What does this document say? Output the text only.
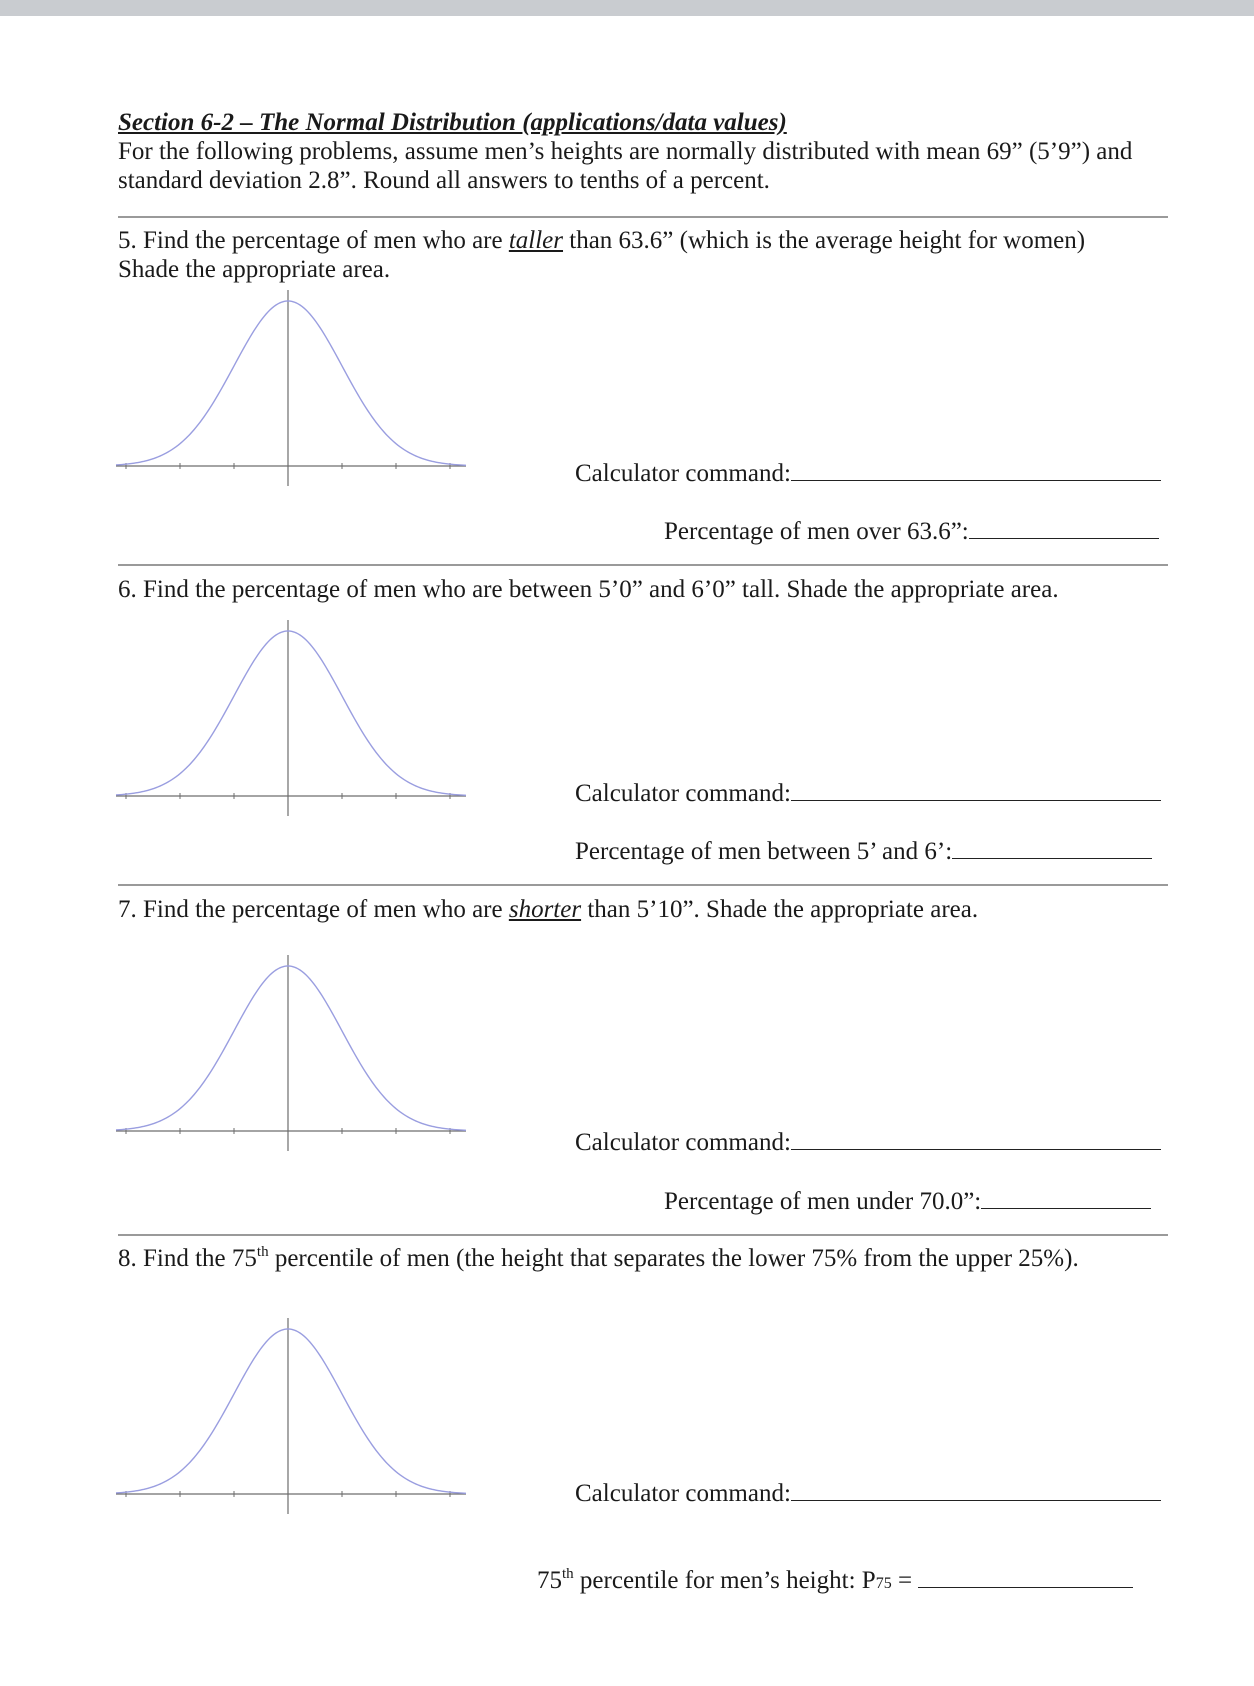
Section 6-2 – The Normal Distribution (applications/data values)
For the following problems, assume men’s heights are normally distributed with mean 69” (5’9”) and
standard deviation 2.8”. Round all answers to tenths of a percent.
5. Find the percentage of men who are taller than 63.6” (which is the average height for women)
Shade the appropriate area.
Calculator command:
Percentage of men over 63.6”:
6. Find the percentage of men who are between 5’0” and 6’0” tall. Shade the appropriate area.
Calculator command:
Percentage of men between 5’ and 6’:
7. Find the percentage of men who are shorter than 5’10”. Shade the appropriate area.
Calculator command:
Percentage of men under 70.0”:
8. Find the 75th percentile of men (the height that separates the lower 75% from the upper 25%).
Calculator command:
75th percentile for men’s height: P75 =
